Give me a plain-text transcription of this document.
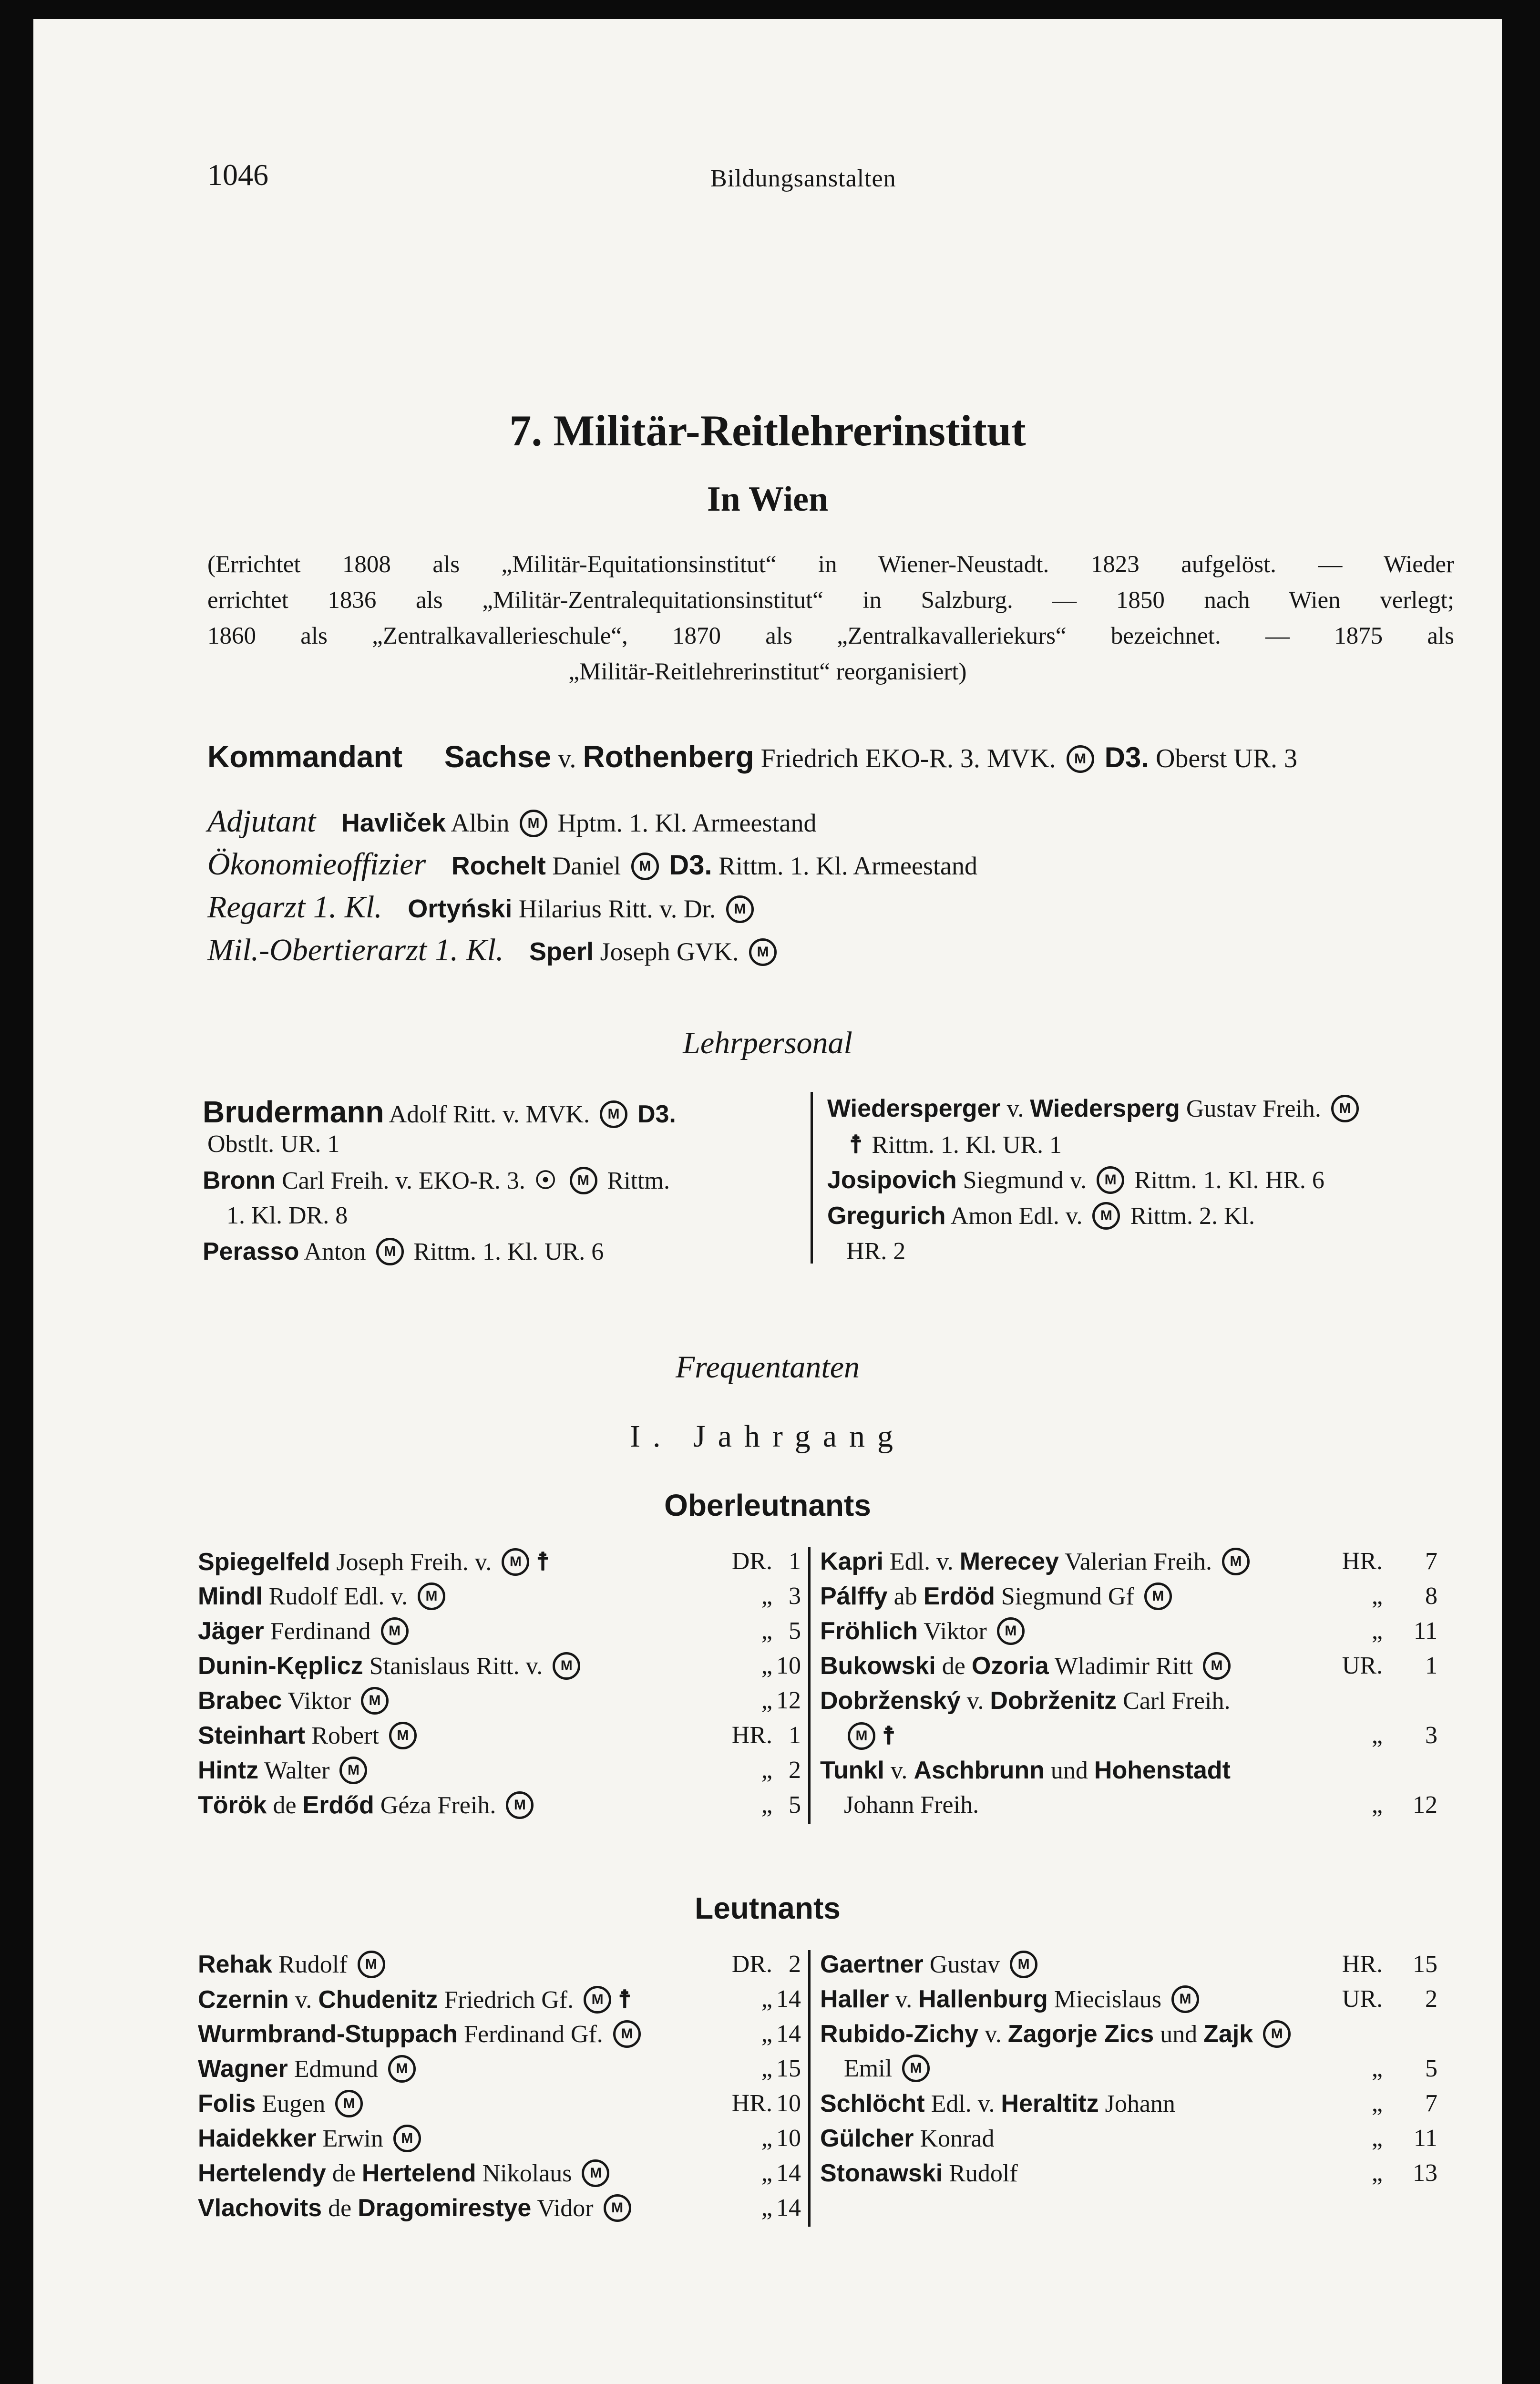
1046	Bildungsanstalten
7. Militär-Reitlehrerinstitut
In Wien
(Errichtet 1808 als „Militär-Equitationsinstitut“ in Wiener-Neustadt. 1823 aufgelöst. — Wieder
errichtet 1836 als „Militär-Zentralequitationsinstitut“ in Salzburg. — 1850 nach Wien verlegt;
1860 als „Zentralkavallerieschule“, 1870 als „Zentralkavalleriekurs“ bezeichnet. — 1875 als
„Militär-Reitlehrerinstitut“ reorganisiert)
Kommandant Sachse v. Rothenberg Friedrich EKO-R. 3. MVK. M D3. Oberst UR. 3
Adjutant Havliček Albin M Hptm. 1. Kl. Armeestand
Ökonomieoffizier Rochelt Daniel M D3. Rittm. 1. Kl. Armeestand
Regarzt 1. Kl. Ortyński Hilarius Ritt. v. Dr. M
Mil.-Obertierarzt 1. Kl. Sperl Joseph GVK. M
Lehrpersonal
Brudermann Adolf Ritt. v. MVK. M D3.
Obstlt. UR. 1
Bronn Carl Freih. v. EKO-R. 3. ☉ M Rittm.
1. Kl. DR. 8
Perasso Anton M Rittm. 1. Kl. UR. 6
Wiedersperger v. Wiedersperg Gustav Freih. M
☨ Rittm. 1. Kl. UR. 1
Josipovich Siegmund v. M Rittm. 1. Kl. HR. 6
Gregurich Amon Edl. v. M Rittm. 2. Kl.
HR. 2
Frequentanten
I. Jahrgang
Oberleutnants
Leutnants
Spiegelfeld Joseph Freih. v. M ☨	DR. 1
Mindl Rudolf Edl. v. M	„ 3
Jäger Ferdinand M	„ 5
Dunin-Kęplicz Stanislaus Ritt. v. M	„ 10
Brabec Viktor M	„ 12
Steinhart Robert M	HR. 1
Hintz Walter M	„ 2
Török de Erdőd Géza Freih. M	„ 5
Kapri Edl. v. Merecey Valerian Freih. M	HR.	7
Pálffy ab Erdöd Siegmund Gf M	„	8
Fröhlich Viktor M	„	11
Bukowski de Ozoria Wladimir Ritt M	UR.	1
Dobrženský v. Dobrženitz Carl Freih.
M ☨	„	3
Tunkl v. Aschbrunn und Hohenstadt
Johann Freih.	„	12
Rehak Rudolf M	DR. 2
Czernin v. Chudenitz Friedrich Gf. M ☨	„ 14
Wurmbrand-Stuppach Ferdinand Gf. M	„ 14
Wagner Edmund M	„ 15
Folis Eugen M	HR. 10
Haidekker Erwin M	„ 10
Hertelendy de Hertelend Nikolaus M	„ 14
Vlachovits de Dragomirestye Vidor M	„ 14
Gaertner Gustav M	HR.	15
Haller v. Hallenburg Miecislaus M	UR.	2
Rubido-Zichy v. Zagorje Zics und Zajk M
Emil M	„	5
Schlöcht Edl. v. Heraltitz Johann	„	7
Gülcher Konrad	„	11
Stonawski Rudolf	„	13
